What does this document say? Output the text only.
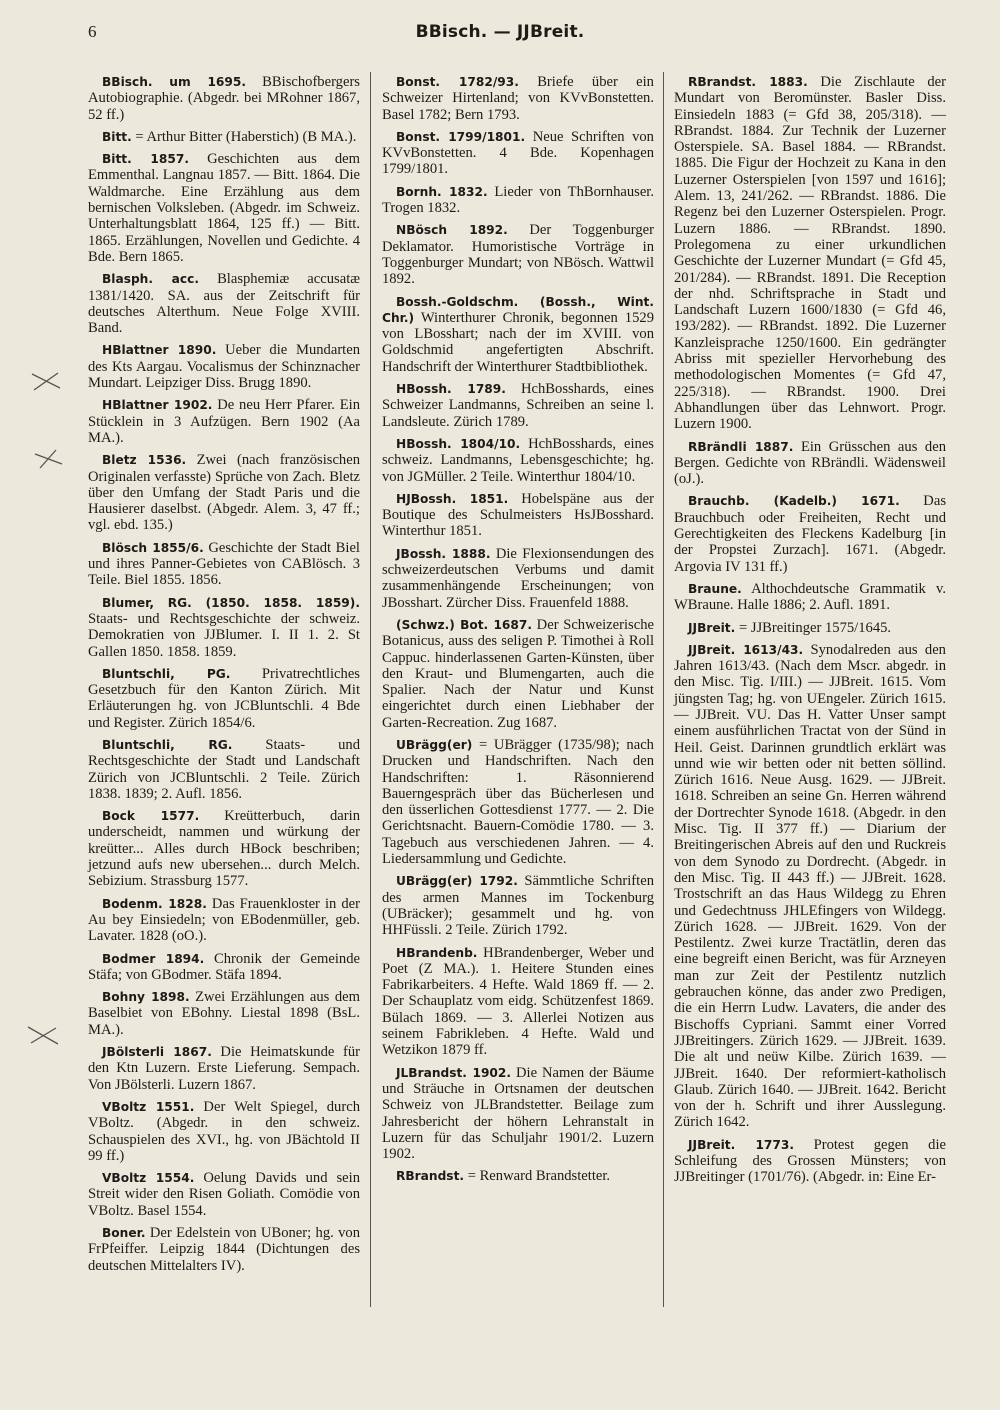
6	BBisch. — JJBreit.

BBisch. um 1695. BBischofbergers Autobiographie. (Abgedr. bei MRohner 1867, 52 ff.)

Bitt. = Arthur Bitter (Haberstich) (B MA.).

Bitt. 1857. Geschichten aus dem Emmenthal. Langnau 1857. — Bitt. 1864. Die Waldmarche. Eine Erzählung aus dem bernischen Volksleben. (Abgedr. im Schweiz. Unterhaltungsblatt 1864, 125 ff.) — Bitt. 1865. Erzählungen, Novellen und Gedichte. 4 Bde. Bern 1865.

Blasph. acc. Blasphemiæ accusatæ 1381/1420. SA. aus der Zeitschrift für deutsches Alterthum. Neue Folge XVIII. Band.

HBlattner 1890. Ueber die Mundarten des Kts Aargau. Vocalismus der Schinznacher Mundart. Leipziger Diss. Brugg 1890.

HBlattner 1902. De neu Herr Pfarer. Ein Stücklein in 3 Aufzügen. Bern 1902 (Aa MA.).

Bletz 1536. Zwei (nach französischen Originalen verfasste) Sprüche von Zach. Bletz über den Umfang der Stadt Paris und die Hausierer daselbst. (Abgedr. Alem. 3, 47 ff.; vgl. ebd. 135.)

Blösch 1855/6. Geschichte der Stadt Biel und ihres Panner-Gebietes von CABlösch. 3 Teile. Biel 1855. 1856.

Blumer, RG. (1850. 1858. 1859). Staats- und Rechtsgeschichte der schweiz. Demokratien von JJBlumer. I. II 1. 2. St Gallen 1850. 1858. 1859.

Bluntschli, PG. Privatrechtliches Gesetzbuch für den Kanton Zürich. Mit Erläuterungen hg. von JCBluntschli. 4 Bde und Register. Zürich 1854/6.

Bluntschli, RG. Staats- und Rechtsgeschichte der Stadt und Landschaft Zürich von JCBluntschli. 2 Teile. Zürich 1838. 1839; 2. Aufl. 1856.

Bock 1577. Kreütterbuch, darin underscheidt, nammen und würkung der kreütter... Alles durch HBock beschriben; jetzund aufs new ubersehen... durch Melch. Sebizium. Strassburg 1577.

Bodenm. 1828. Das Frauenkloster in der Au bey Einsiedeln; von EBodenmüller, geb. Lavater. 1828 (oO.).

Bodmer 1894. Chronik der Gemeinde Stäfa; von GBodmer. Stäfa 1894.

Bohny 1898. Zwei Erzählungen aus dem Baselbiet von EBohny. Liestal 1898 (BsL. MA.).

JBölsterli 1867. Die Heimatskunde für den Ktn Luzern. Erste Lieferung. Sempach. Von JBölsterli. Luzern 1867.

VBoltz 1551. Der Welt Spiegel, durch VBoltz. (Abgedr. in den schweiz. Schauspielen des XVI., hg. von JBächtold II 99 ff.)

VBoltz 1554. Oelung Davids und sein Streit wider den Risen Goliath. Comödie von VBoltz. Basel 1554.

Boner. Der Edelstein von UBoner; hg. von FrPfeiffer. Leipzig 1844 (Dichtungen des deutschen Mittelalters IV).

Bonst. 1782/93. Briefe über ein Schweizer Hirtenland; von KVvBonstetten. Basel 1782; Bern 1793.

Bonst. 1799/1801. Neue Schriften von KVvBonstetten. 4 Bde. Kopenhagen 1799/1801.

Bornh. 1832. Lieder von ThBornhauser. Trogen 1832.

NBösch 1892. Der Toggenburger Deklamator. Humoristische Vorträge in Toggenburger Mundart; von NBösch. Wattwil 1892.

Bossh.-Goldschm. (Bossh., Wint. Chr.) Winterthurer Chronik, begonnen 1529 von LBosshart; nach der im XVIII. von Goldschmid angefertigten Abschrift. Handschrift der Winterthurer Stadtbibliothek.

HBossh. 1789. HchBosshards, eines Schweizer Landmanns, Schreiben an seine l. Landsleute. Zürich 1789.

HBossh. 1804/10. HchBosshards, eines schweiz. Landmanns, Lebensgeschichte; hg. von JGMüller. 2 Teile. Winterthur 1804/10.

HJBossh. 1851. Hobelspäne aus der Boutique des Schulmeisters HsJBosshard. Winterthur 1851.

JBossh. 1888. Die Flexionsendungen des schweizerdeutschen Verbums und damit zusammenhängende Erscheinungen; von JBosshart. Zürcher Diss. Frauenfeld 1888.

(Schwz.) Bot. 1687. Der Schweizerische Botanicus, auss des seligen P. Timothei à Roll Cappuc. hinderlassenen Garten-Künsten, über den Kraut- und Blumengarten, auch die Spalier. Nach der Natur und Kunst eingerichtet durch einen Liebhaber der Garten-Recreation. Zug 1687.

UBrägg(er) = UBrägger (1735/98); nach Drucken und Handschriften. Nach den Handschriften: 1. Räsonnierend Bauerngespräch über das Bücherlesen und den üsserlichen Gottesdienst 1777. — 2. Die Gerichtsnacht. Bauern-Comödie 1780. — 3. Tagebuch aus verschiedenen Jahren. — 4. Liedersammlung und Gedichte.

UBrägg(er) 1792. Sämmtliche Schriften des armen Mannes im Tockenburg (UBräcker); gesammelt und hg. von HHFüssli. 2 Teile. Zürich 1792.

HBrandenb. HBrandenberger, Weber und Poet (Z MA.). 1. Heitere Stunden eines Fabrikarbeiters. 4 Hefte. Wald 1869 ff. — 2. Der Schauplatz vom eidg. Schützenfest 1869. Bülach 1869. — 3. Allerlei Notizen aus seinem Fabrikleben. 4 Hefte. Wald und Wetzikon 1879 ff.

JLBrandst. 1902. Die Namen der Bäume und Sträuche in Ortsnamen der deutschen Schweiz von JLBrandstetter. Beilage zum Jahresbericht der höhern Lehranstalt in Luzern für das Schuljahr 1901/2. Luzern 1902.

RBrandst. = Renward Brandstetter.

RBrandst. 1883. Die Zischlaute der Mundart von Beromünster. Basler Diss. Einsiedeln 1883 (= Gfd 38, 205/318). — RBrandst. 1884. Zur Technik der Luzerner Osterspiele. SA. Basel 1884. — RBrandst. 1885. Die Figur der Hochzeit zu Kana in den Luzerner Osterspielen [von 1597 und 1616]; Alem. 13, 241/262. — RBrandst. 1886. Die Regenz bei den Luzerner Osterspielen. Progr. Luzern 1886. — RBrandst. 1890. Prolegomena zu einer urkundlichen Geschichte der Luzerner Mundart (= Gfd 45, 201/284). — RBrandst. 1891. Die Reception der nhd. Schriftsprache in Stadt und Landschaft Luzern 1600/1830 (= Gfd 46, 193/282). — RBrandst. 1892. Die Luzerner Kanzleisprache 1250/1600. Ein gedrängter Abriss mit spezieller Hervorhebung des methodologischen Momentes (= Gfd 47, 225/318). — RBrandst. 1900. Drei Abhandlungen über das Lehnwort. Progr. Luzern 1900.

RBrändli 1887. Ein Grüsschen aus den Bergen. Gedichte von RBrändli. Wädensweil (oJ.).

Brauchb. (Kadelb.) 1671. Das Brauchbuch oder Freiheiten, Recht und Gerechtigkeiten des Fleckens Kadelburg [in der Propstei Zurzach]. 1671. (Abgedr. Argovia IV 131 ff.)

Braune. Althochdeutsche Grammatik v. WBraune. Halle 1886; 2. Aufl. 1891.

JJBreit. = JJBreitinger 1575/1645.

JJBreit. 1613/43. Synodalreden aus den Jahren 1613/43. (Nach dem Mscr. abgedr. in den Misc. Tig. I/III.) — JJBreit. 1615. Vom jüngsten Tag; hg. von UEngeler. Zürich 1615. — JJBreit. VU. Das H. Vatter Unser sampt einem ausführlichen Tractat von der Sünd in Heil. Geist. Darinnen grundtlich erklärt was unnd wie wir betten oder nit betten söllind. Zürich 1616. Neue Ausg. 1629. — JJBreit. 1618. Schreiben an seine Gn. Herren während der Dortrechter Synode 1618. (Abgedr. in den Misc. Tig. II 377 ff.) — Diarium der Breitingerischen Abreis auf den und Ruckreis von dem Synodo zu Dordrecht. (Abgedr. in den Misc. Tig. II 443 ff.) — JJBreit. 1628. Trostschrift an das Haus Wildegg zu Ehren und Gedechtnuss JHLEfingers von Wildegg. Zürich 1628. — JJBreit. 1629. Von der Pestilentz. Zwei kurze Tractätlin, deren das eine begreift einen Bericht, was für Arzneyen man zur Zeit der Pestilentz nutzlich gebrauchen könne, das ander zwo Predigen, die ein Herrn Ludw. Lavaters, die ander des Bischoffs Cypriani. Sammt einer Vorred JJBreitingers. Zürich 1629. — JJBreit. 1639. Die alt und neüw Kilbe. Zürich 1639. — JJBreit. 1640. Der reformiert-katholisch Glaub. Zürich 1640. — JJBreit. 1642. Bericht von der h. Schrift und ihrer Ausslegung. Zürich 1642.

JJBreit. 1773. Protest gegen die Schleifung des Grossen Münsters; von JJBreitinger (1701/76). (Abgedr. in: Eine Er-
